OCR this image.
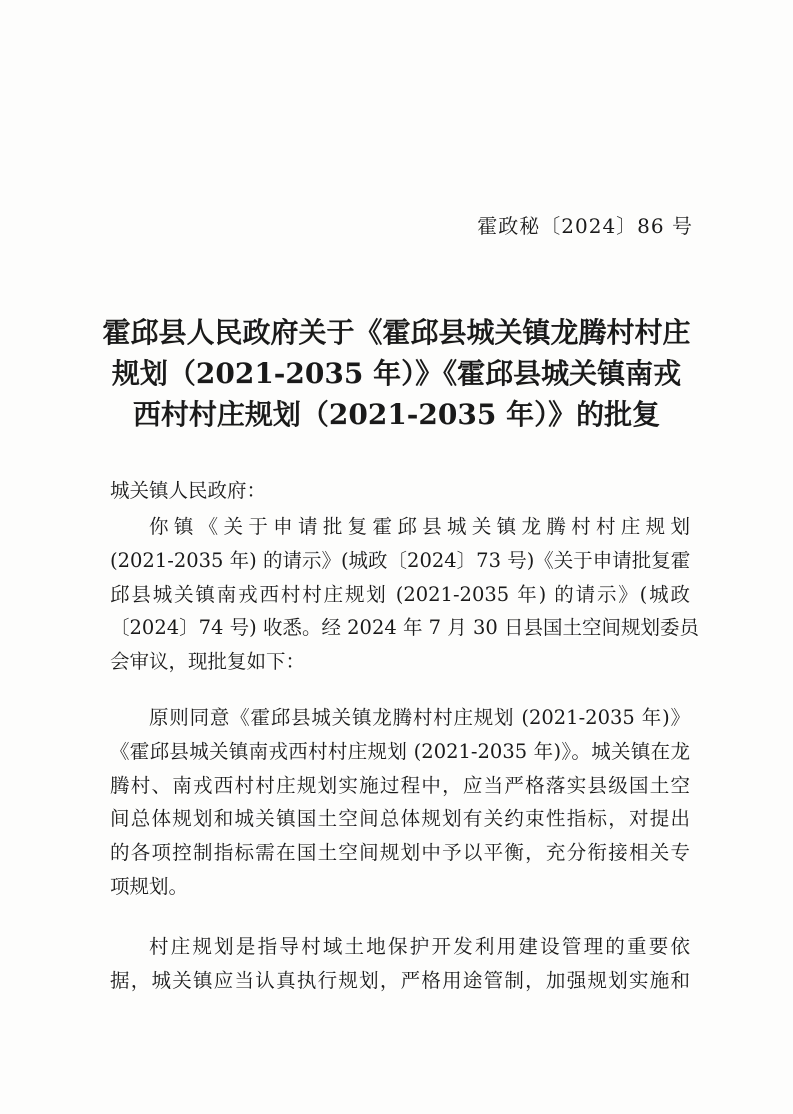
霍政秘〔2024〕86 号
霍邱县人民政府关于《霍邱县城关镇龙腾村村庄
规划（2021-2035 年）》《霍邱县城关镇南戎
西村村庄规划（2021-2035 年）》的批复
城关镇人民政府：
你镇《关于申请批复霍邱县城关镇龙腾村村庄规划
(2021-2035 年) 的请示》(城政〔2024〕73 号)《关于申请批复霍
邱县城关镇南戎西村村庄规划 (2021-2035 年) 的请示》(城政
〔2024〕74 号) 收悉。经 2024 年 7 月 30 日县国土空间规划委员
会审议，现批复如下：
原则同意《霍邱县城关镇龙腾村村庄规划 (2021-2035 年)》
《霍邱县城关镇南戎西村村庄规划 (2021-2035 年)》。城关镇在龙
腾村、南戎西村村庄规划实施过程中，应当严格落实县级国土空
间总体规划和城关镇国土空间总体规划有关约束性指标，对提出
的各项控制指标需在国土空间规划中予以平衡，充分衔接相关专
项规划。
村庄规划是指导村域土地保护开发利用建设管理的重要依
据，城关镇应当认真执行规划，严格用途管制，加强规划实施和
